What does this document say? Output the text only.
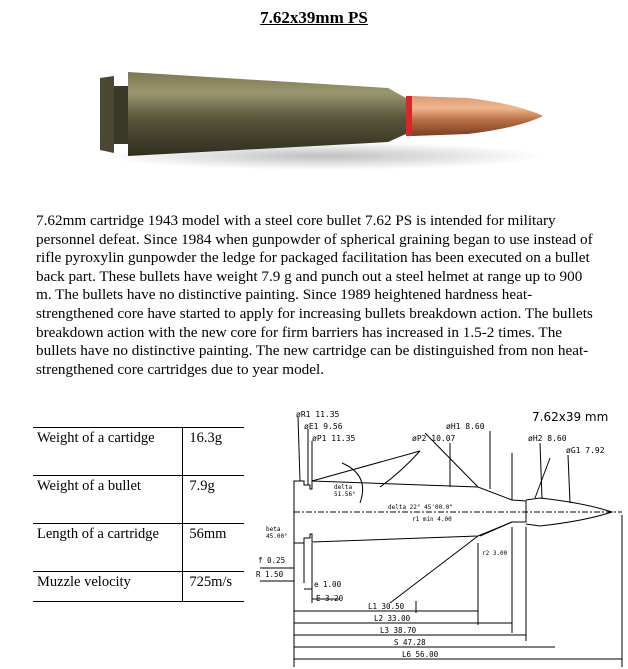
7.62x39mm PS
7.62mm cartridge 1943 model with a steel core bullet 7.62 PS is intended for military personnel defeat. Since 1984 when gunpowder of spherical graining began to use instead of rifle pyroxylin gunpowder the ledge for packaged facilitation has been executed on a bullet back part. These bullets have weight 7.9 g and punch out a steel helmet at range up to 900 m. The bullets have no distinctive painting. Since 1989 heightened hardness heat-strengthened core have started to apply for increasing bullets breakdown action. The bullets breakdown action with the new core for firm barriers has increased in 1.5-2 times. The bullets have no distinctive painting. The new cartridge can be distinguished from non heat-strengthened core cartridges due to year model.
Weight of a cartidge	16.3g
Weight of a bullet	7.9g
Length of a cartridge	56mm
Muzzle velocity	725m/s
7.62x39 mm
øR1 11.35
øE1 9.56
øP1 11.35	øP2 10.07
øH1 8.60
øH2 8.60
øG1 7.92
delta
51.56°
delta 22° 45'00.0"
r1 min 4.00
r2 3.00
beta
45.00°
f 0.25
R 1.50
e 1.00
E 3.20
L1 30.50
L2 33.00
L3 38.70
S 47.28
L6 56.00
